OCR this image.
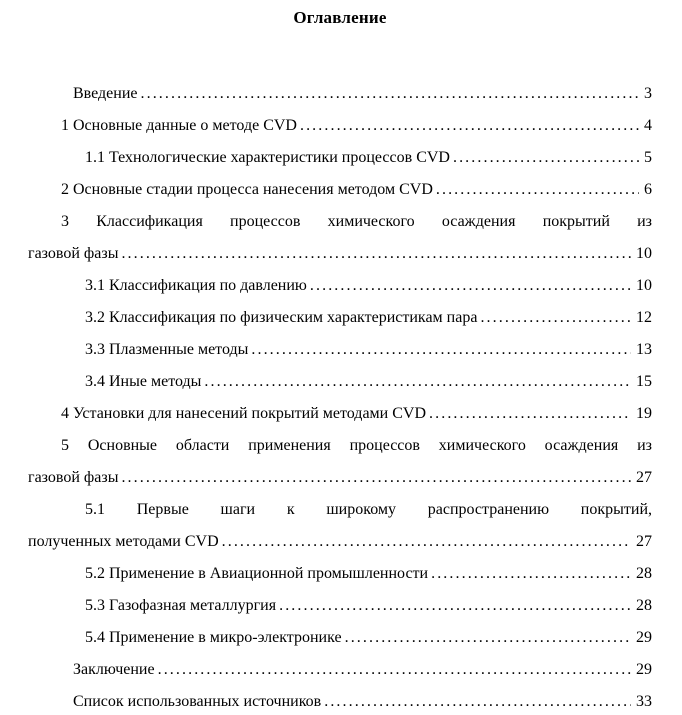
Оглавление
Введение .....	3
1 Основные данные о методе CVD .....	4
1.1 Технологические характеристики процессов CVD .....	5
2 Основные стадии процесса нанесения методом CVD .....	6
3 Классификация процессов химического осаждения покрытий из
газовой фазы .....	10
3.1 Классификация по давлению .....	10
3.2 Классификация по физическим характеристикам пара .....	12
3.3 Плазменные методы .....	13
3.4 Иные методы .....	15
4 Установки для нанесений покрытий методами CVD .....	19
5 Основные области применения процессов химического осаждения из
газовой фазы .....	27
5.1 Первые шаги к широкому распространению покрытий,
полученных методами CVD .....	27
5.2 Применение в Авиационной промышленности .....	28
5.3 Газофазная металлургия .....	28
5.4 Применение в микро-электронике .....	29
Заключение .....	29
Список использованных источников .....	33
